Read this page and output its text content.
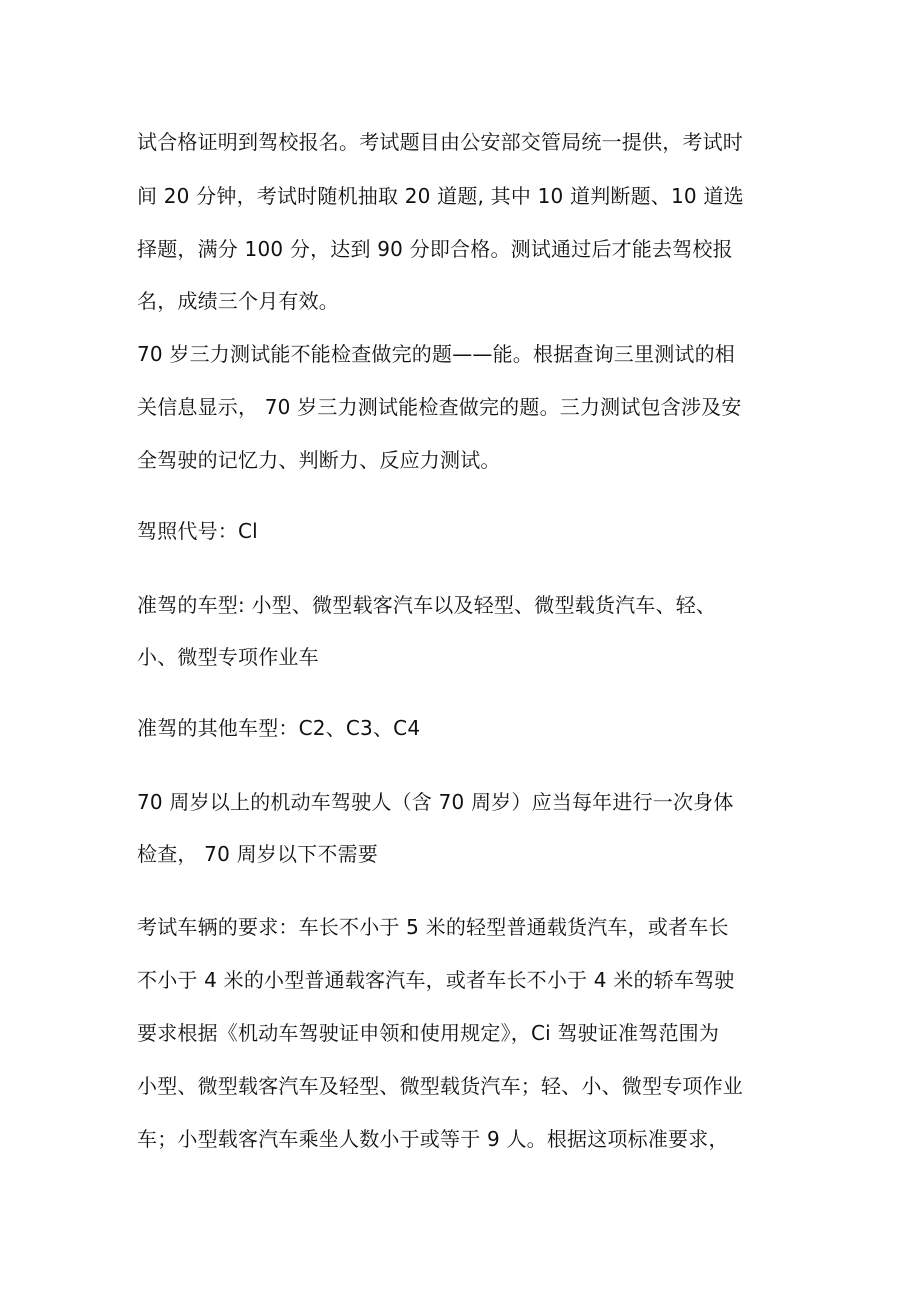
试合格证明到驾校报名。考试题目由公安部交管局统一提供，考试时
间 20 分钟，考试时随机抽取 20 道题, 其中 10 道判断题、10 道选
择题，满分 100 分，达到 90 分即合格。测试通过后才能去驾校报
名，成绩三个月有效。
70 岁三力测试能不能检查做完的题——能。根据查询三里测试的相
关信息显示， 70 岁三力测试能检查做完的题。三力测试包含涉及安
全驾驶的记忆力、判断力、反应力测试。
驾照代号：Cl
准驾的车型: 小型、微型载客汽车以及轻型、微型载货汽车、轻、
小、微型专项作业车
准驾的其他车型：C2、C3、C4
70 周岁以上的机动车驾驶人（含 70 周岁）应当每年进行一次身体
检查， 70 周岁以下不需要
考试车辆的要求：车长不小于 5 米的轻型普通载货汽车，或者车长
不小于 4 米的小型普通载客汽车，或者车长不小于 4 米的轿车驾驶
要求根据《机动车驾驶证申领和使用规定》，Ci 驾驶证准驾范围为
小型、微型载客汽车及轻型、微型载货汽车；轻、小、微型专项作业
车；小型载客汽车乘坐人数小于或等于 9 人。根据这项标准要求，
